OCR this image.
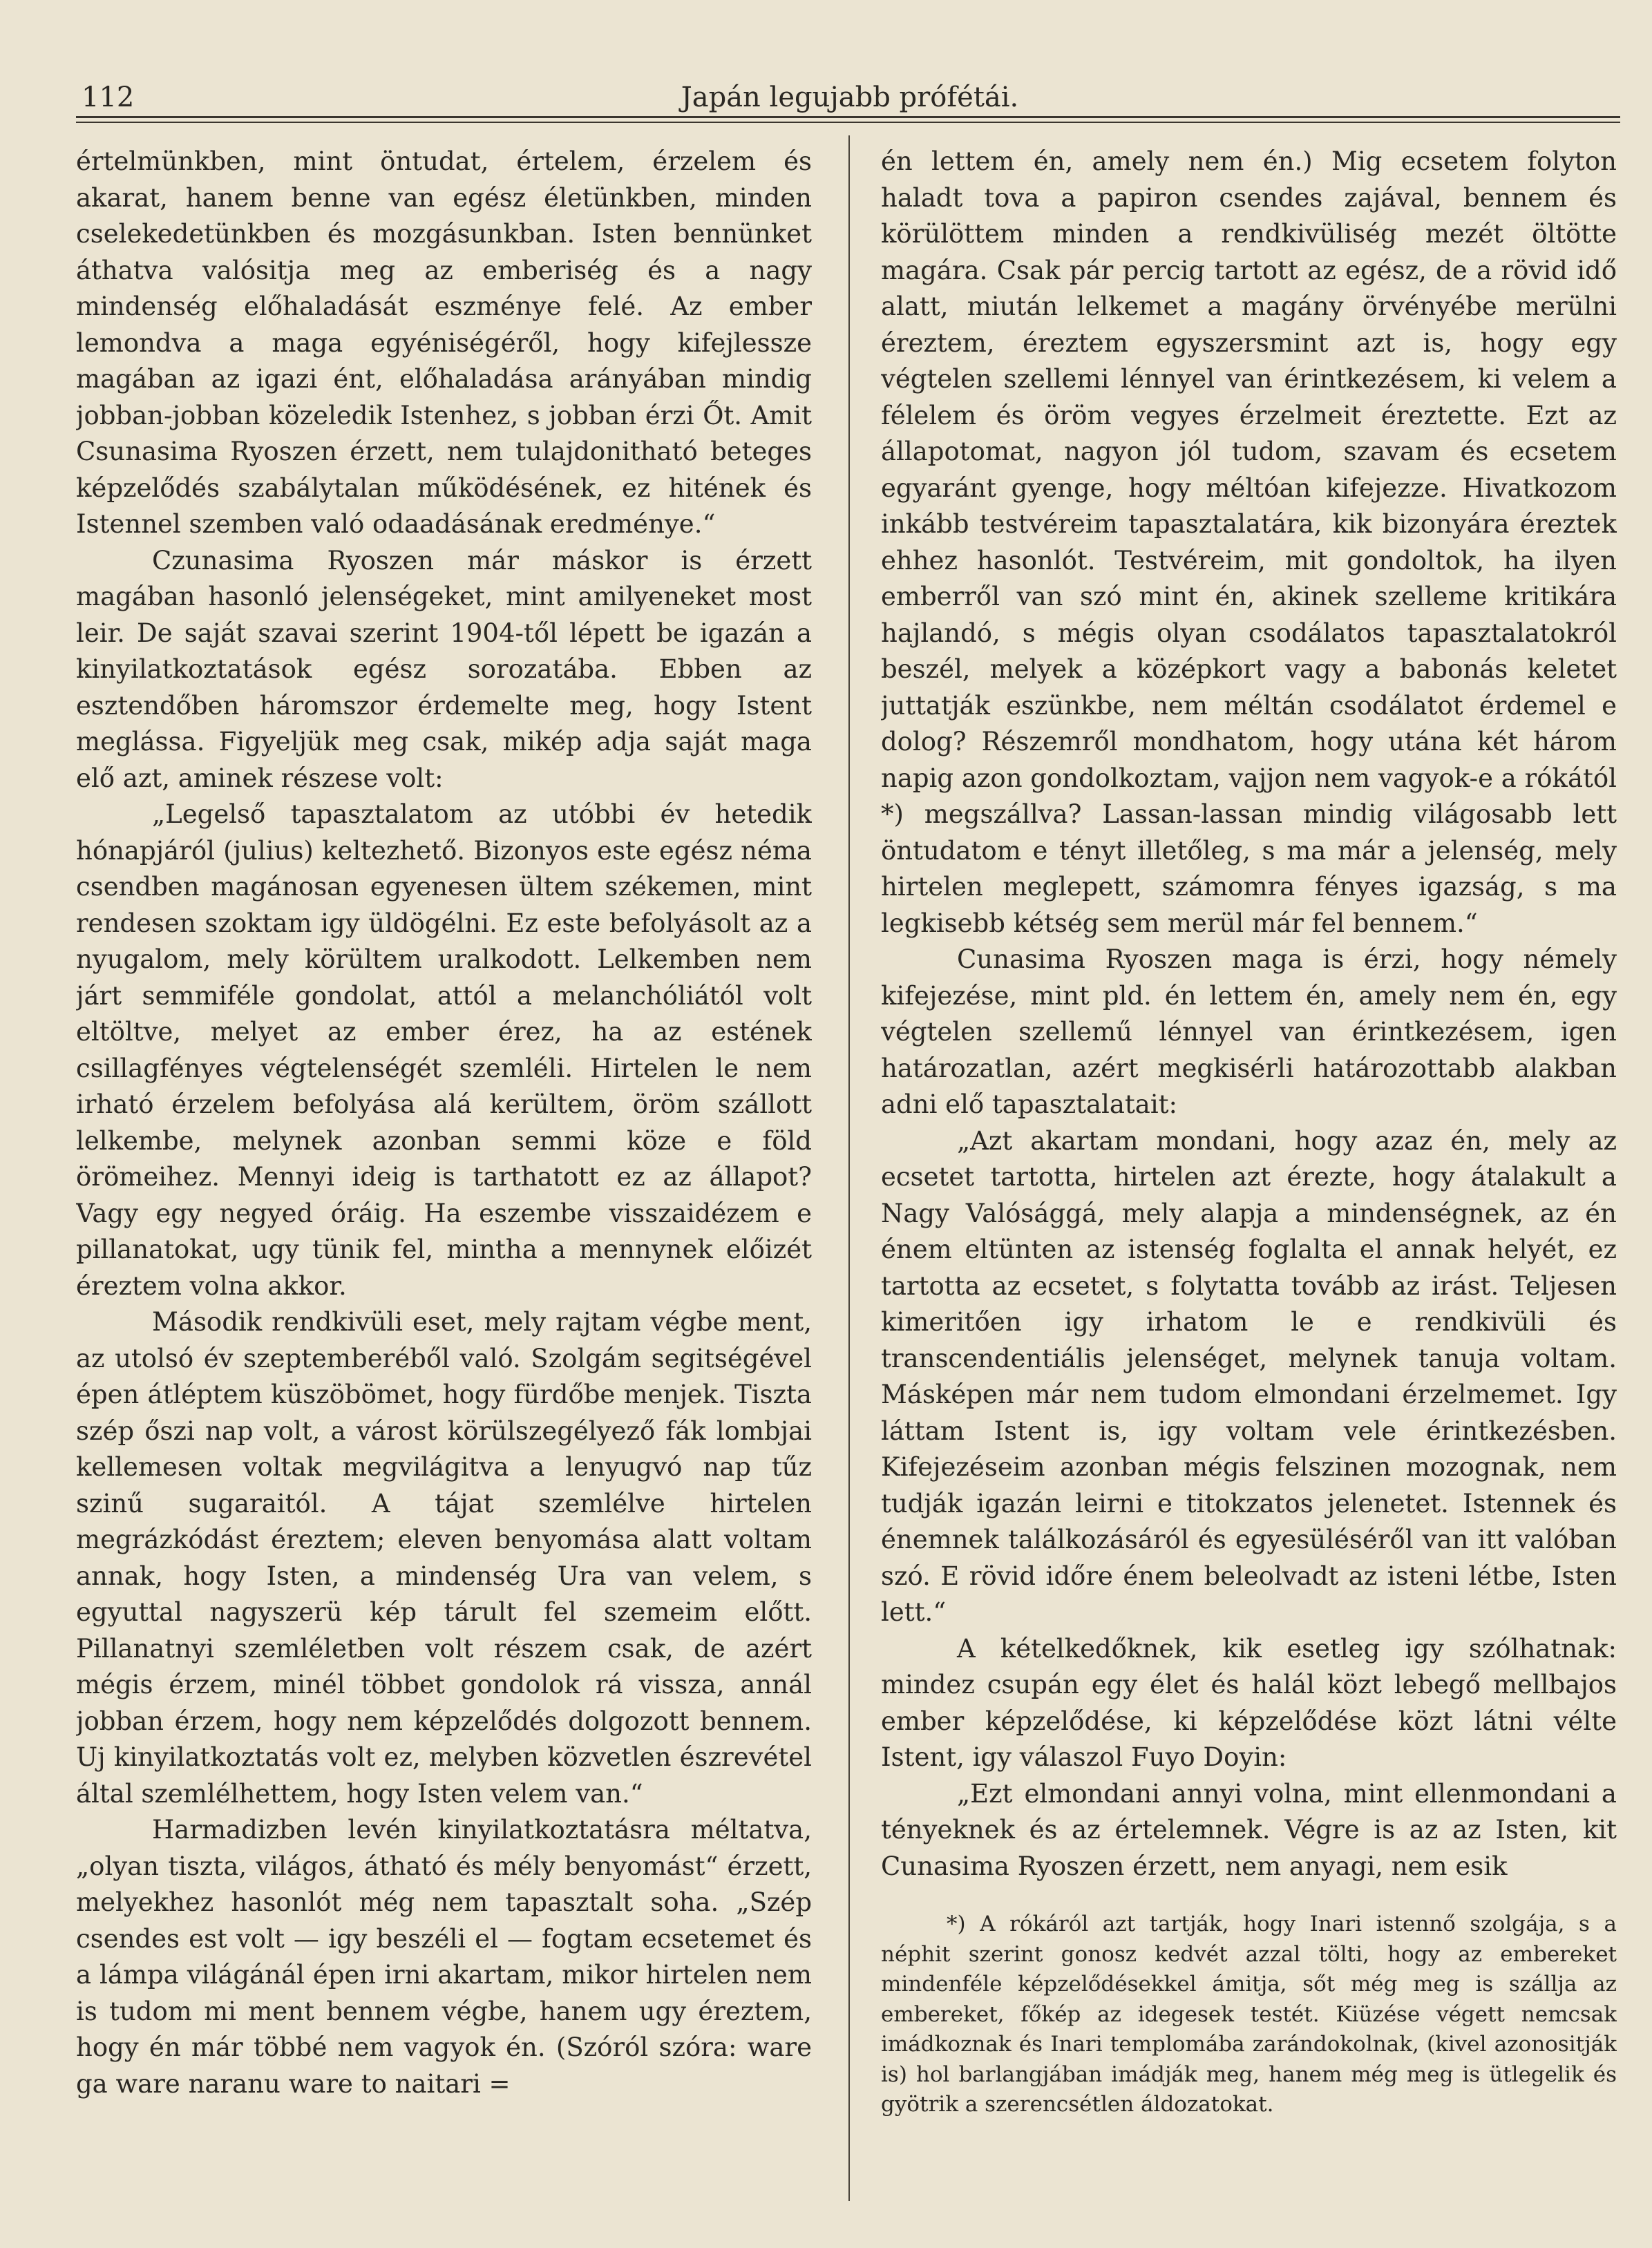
112	Japán legujabb prófétái.

értelmünkben, mint öntudat, értelem, érzelem és akarat, hanem benne van egész életünkben, minden cselekedetünkben és mozgásunkban. Isten bennünket áthatva valósitja meg az emberiség és a nagy mindenség előhaladását eszménye felé. Az ember lemondva a maga egyéniségéről, hogy kifejlessze magában az igazi ént, előhaladása arányában mindig jobban-jobban közeledik Istenhez, s jobban érzi Őt. Amit Csunasima Ryoszen érzett, nem tulajdonitható beteges képzelődés szabálytalan működésének, ez hitének és Istennel szemben való odaadásának eredménye.“

Czunasima Ryoszen már máskor is érzett magában hasonló jelenségeket, mint amilyeneket most leir. De saját szavai szerint 1904-től lépett be igazán a kinyilatkoztatások egész sorozatába. Ebben az esztendőben háromszor érdemelte meg, hogy Istent meglássa. Figyeljük meg csak, mikép adja saját maga elő azt, aminek részese volt:

„Legelső tapasztalatom az utóbbi év hetedik hónapjáról (julius) keltezhető. Bizonyos este egész néma csendben magánosan egyenesen ültem székemen, mint rendesen szoktam igy üldögélni. Ez este befolyásolt az a nyugalom, mely körültem uralkodott. Lelkemben nem járt semmiféle gondolat, attól a melanchóliától volt eltöltve, melyet az ember érez, ha az estének csillagfényes végtelenségét szemléli. Hirtelen le nem irható érzelem befolyása alá kerültem, öröm szállott lelkembe, melynek azonban semmi köze e föld örömeihez. Mennyi ideig is tarthatott ez az állapot? Vagy egy negyed óráig. Ha eszembe visszaidézem e pillanatokat, ugy tünik fel, mintha a mennynek előizét éreztem volna akkor.

Második rendkivüli eset, mely rajtam végbe ment, az utolsó év szeptemberéből való. Szolgám segitségével épen átléptem küszöbömet, hogy fürdőbe menjek. Tiszta szép őszi nap volt, a várost körülszegélyező fák lombjai kellemesen voltak megvilágitva a lenyugvó nap tűz szinű sugaraitól. A tájat szemlélve hirtelen megrázkódást éreztem; eleven benyomása alatt voltam annak, hogy Isten, a mindenség Ura van velem, s egyuttal nagyszerü kép tárult fel szemeim előtt. Pillanatnyi szemléletben volt részem csak, de azért mégis érzem, minél többet gondolok rá vissza, annál jobban érzem, hogy nem képzelődés dolgozott bennem. Uj kinyilatkoztatás volt ez, melyben közvetlen észrevétel által szemlélhettem, hogy Isten velem van.“

Harmadizben levén kinyilatkoztatásra méltatva, „olyan tiszta, világos, átható és mély benyomást“ érzett, melyekhez hasonlót még nem tapasztalt soha. „Szép csendes est volt — igy beszéli el — fogtam ecsetemet és a lámpa világánál épen irni akartam, mikor hirtelen nem is tudom mi ment bennem végbe, hanem ugy éreztem, hogy én már többé nem vagyok én. (Szóról szóra: ware ga ware naranu ware to naitari =

én lettem én, amely nem én.) Mig ecsetem folyton haladt tova a papiron csendes zajával, bennem és körülöttem minden a rendkivüliség mezét öltötte magára. Csak pár percig tartott az egész, de a rövid idő alatt, miután lelkemet a magány örvényébe merülni éreztem, éreztem egyszersmint azt is, hogy egy végtelen szellemi lénnyel van érintkezésem, ki velem a félelem és öröm vegyes érzelmeit éreztette. Ezt az állapotomat, nagyon jól tudom, szavam és ecsetem egyaránt gyenge, hogy méltóan kifejezze. Hivatkozom inkább testvéreim tapasztalatára, kik bizonyára éreztek ehhez hasonlót. Testvéreim, mit gondoltok, ha ilyen emberről van szó mint én, akinek szelleme kritikára hajlandó, s mégis olyan csodálatos tapasztalatokról beszél, melyek a középkort vagy a babonás keletet juttatják eszünkbe, nem méltán csodálatot érdemel e dolog? Részemről mondhatom, hogy utána két három napig azon gondolkoztam, vajjon nem vagyok-e a rókától *) megszállva? Lassan-lassan mindig világosabb lett öntudatom e tényt illetőleg, s ma már a jelenség, mely hirtelen meglepett, számomra fényes igazság, s ma legkisebb kétség sem merül már fel bennem.“

Cunasima Ryoszen maga is érzi, hogy némely kifejezése, mint pld. én lettem én, amely nem én, egy végtelen szellemű lénnyel van érintkezésem, igen határozatlan, azért megkisérli határozottabb alakban adni elő tapasztalatait:

„Azt akartam mondani, hogy azaz én, mely az ecsetet tartotta, hirtelen azt érezte, hogy átalakult a Nagy Valósággá, mely alapja a mindenségnek, az én énem eltünten az istenség foglalta el annak helyét, ez tartotta az ecsetet, s folytatta tovább az irást. Teljesen kimeritően igy irhatom le e rendkivüli és transcendentiális jelenséget, melynek tanuja voltam. Másképen már nem tudom elmondani érzelmemet. Igy láttam Istent is, igy voltam vele érintkezésben. Kifejezéseim azonban mégis felszinen mozognak, nem tudják igazán leirni e titokzatos jelenetet. Istennek és énemnek találkozásáról és egyesüléséről van itt valóban szó. E rövid időre énem beleolvadt az isteni létbe, Isten lett.“

A kételkedőknek, kik esetleg igy szólhatnak: mindez csupán egy élet és halál közt lebegő mellbajos ember képzelődése, ki képzelődése közt látni vélte Istent, igy válaszol Fuyo Doyin:

„Ezt elmondani annyi volna, mint ellenmondani a tényeknek és az értelemnek. Végre is az az Isten, kit Cunasima Ryoszen érzett, nem anyagi, nem esik

*) A rókáról azt tartják, hogy Inari istennő szolgája, s a néphit szerint gonosz kedvét azzal tölti, hogy az embereket mindenféle képzelődésekkel ámitja, sőt még meg is szállja az embereket, főkép az idegesek testét. Kiüzése végett nemcsak imádkoznak és Inari templomába zarándokolnak, (kivel azonositják is) hol barlangjában imádják meg, hanem még meg is ütlegelik és gyötrik a szerencsétlen áldozatokat.
